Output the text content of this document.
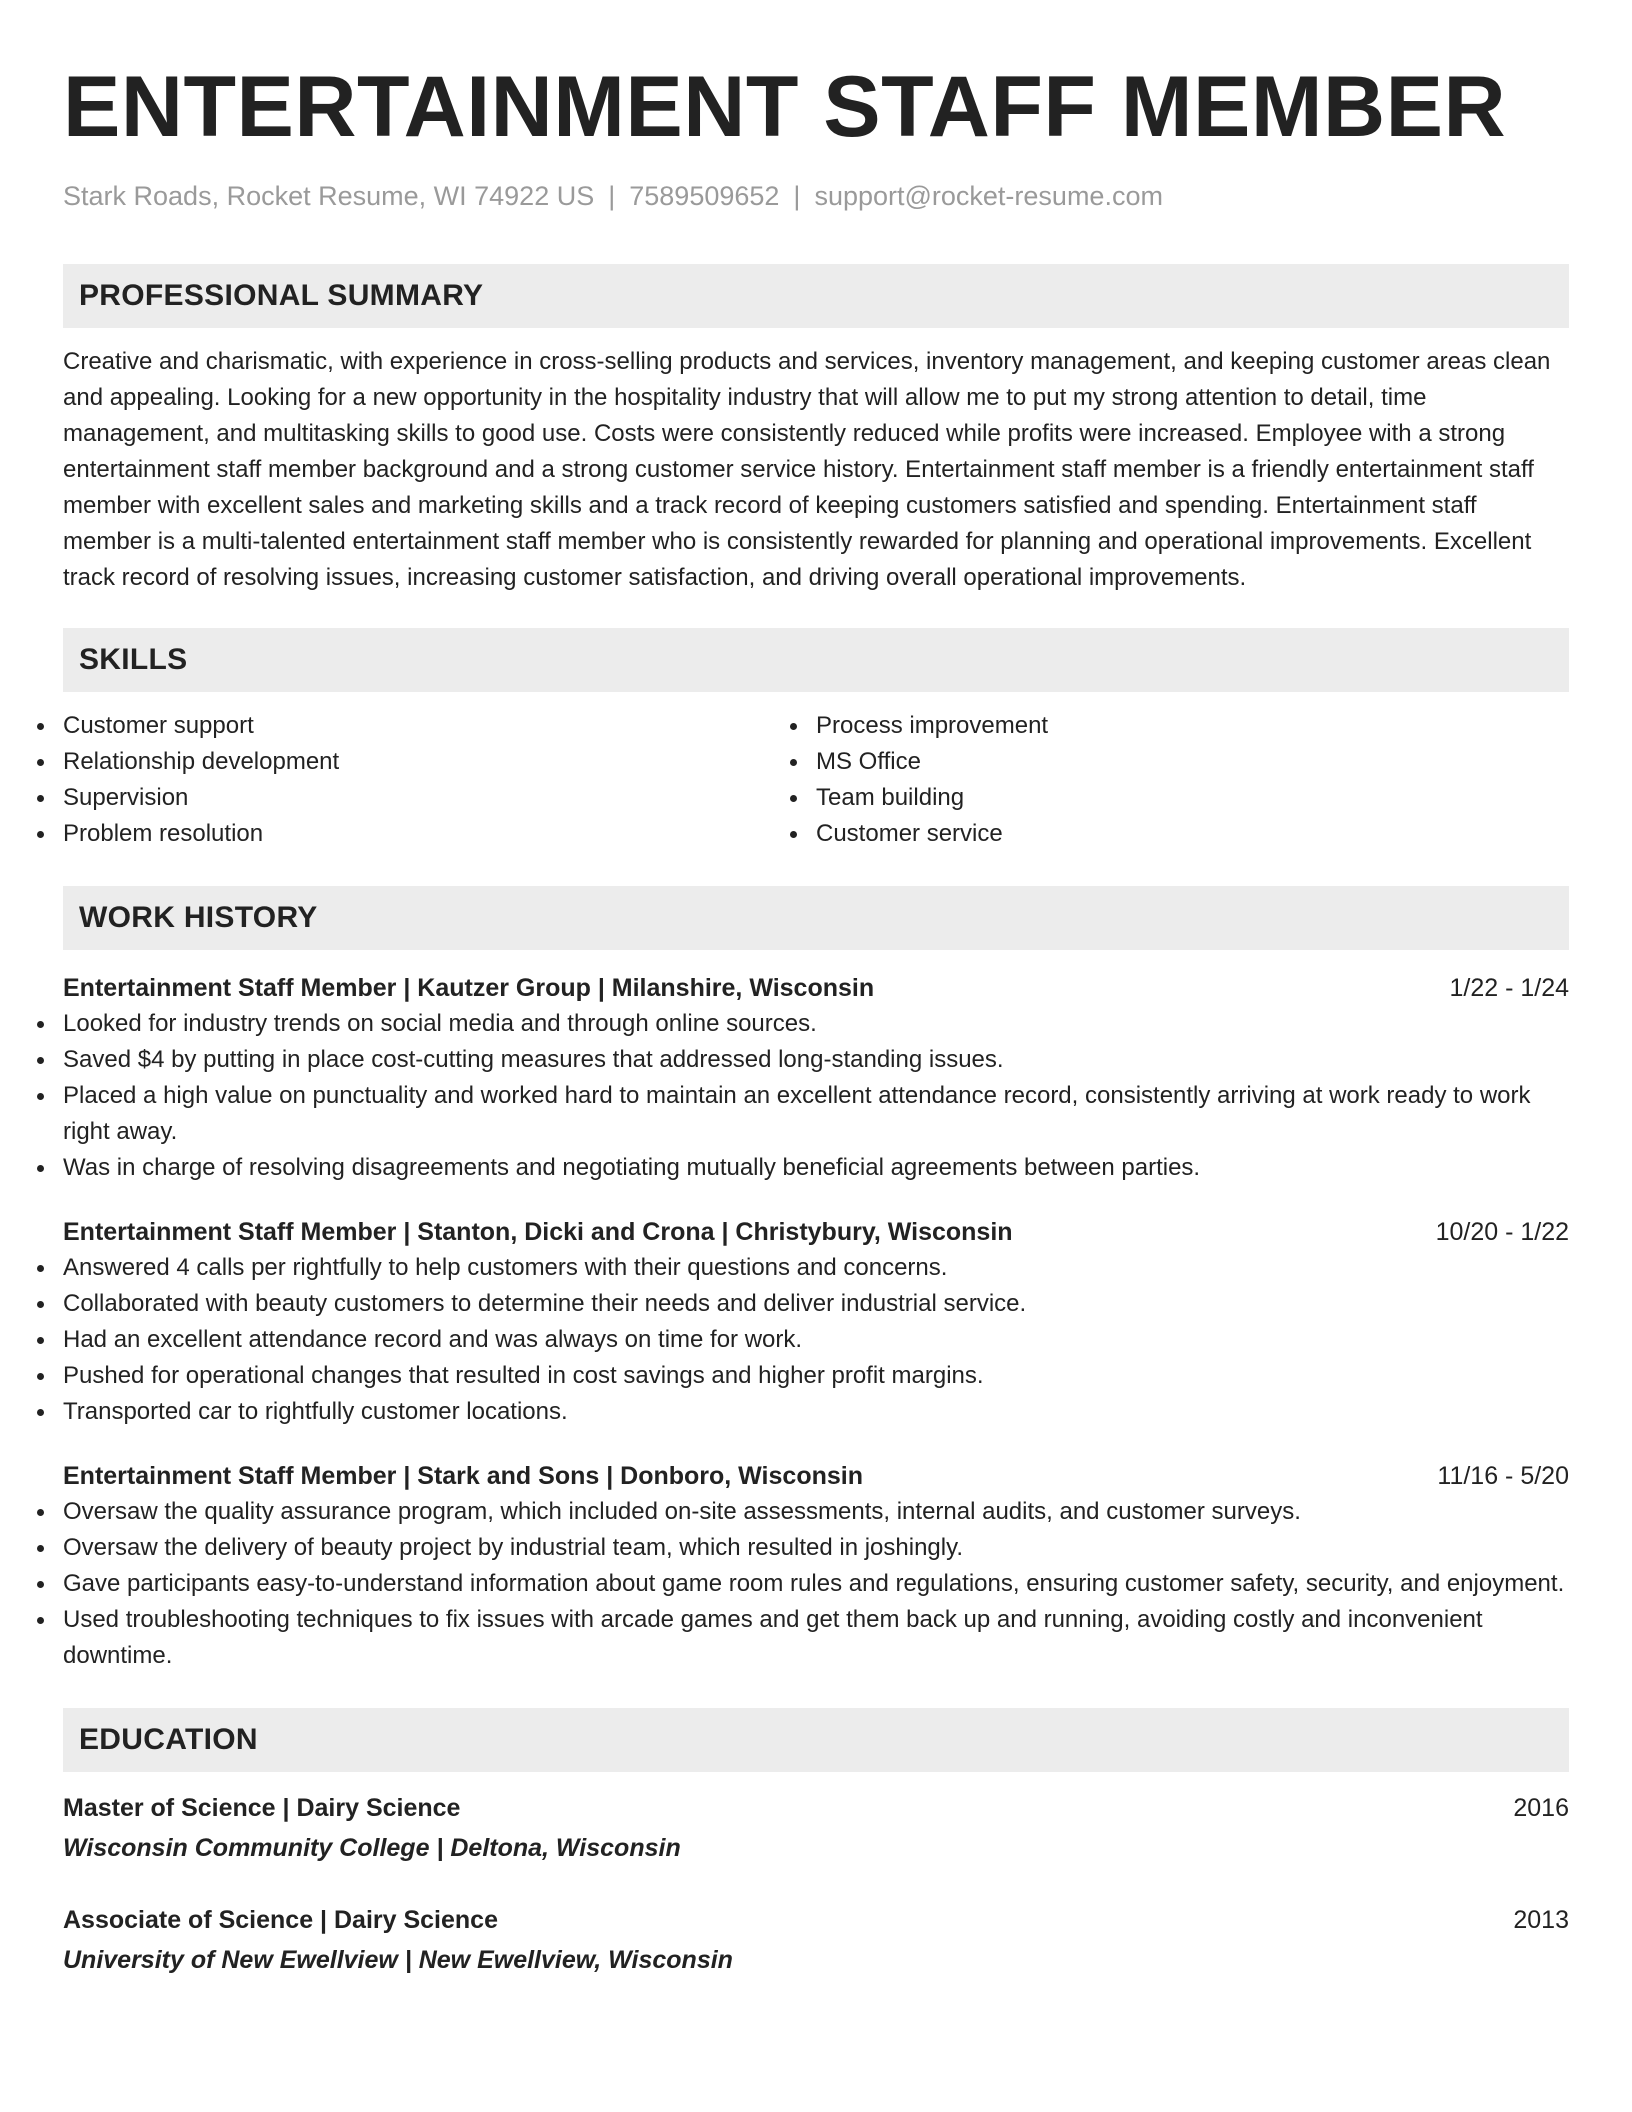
ENTERTAINMENT STAFF MEMBER
Stark Roads, Rocket Resume, WI 74922 US | 7589509652 | support@rocket-resume.com
PROFESSIONAL SUMMARY
Creative and charismatic, with experience in cross-selling products and services, inventory management, and keeping customer areas clean and appealing. Looking for a new opportunity in the hospitality industry that will allow me to put my strong attention to detail, time management, and multitasking skills to good use. Costs were consistently reduced while profits were increased. Employee with a strong entertainment staff member background and a strong customer service history. Entertainment staff member is a friendly entertainment staff member with excellent sales and marketing skills and a track record of keeping customers satisfied and spending. Entertainment staff member is a multi-talented entertainment staff member who is consistently rewarded for planning and operational improvements. Excellent track record of resolving issues, increasing customer satisfaction, and driving overall operational improvements.
SKILLS
Customer support
Relationship development
Supervision
Problem resolution
Process improvement
MS Office
Team building
Customer service
WORK HISTORY
Entertainment Staff Member | Kautzer Group | Milanshire, Wisconsin	1/22 - 1/24
Looked for industry trends on social media and through online sources.
Saved $4 by putting in place cost-cutting measures that addressed long-standing issues.
Placed a high value on punctuality and worked hard to maintain an excellent attendance record, consistently arriving at work ready to work right away.
Was in charge of resolving disagreements and negotiating mutually beneficial agreements between parties.
Entertainment Staff Member | Stanton, Dicki and Crona | Christybury, Wisconsin	10/20 - 1/22
Answered 4 calls per rightfully to help customers with their questions and concerns.
Collaborated with beauty customers to determine their needs and deliver industrial service.
Had an excellent attendance record and was always on time for work.
Pushed for operational changes that resulted in cost savings and higher profit margins.
Transported car to rightfully customer locations.
Entertainment Staff Member | Stark and Sons | Donboro, Wisconsin	11/16 - 5/20
Oversaw the quality assurance program, which included on-site assessments, internal audits, and customer surveys.
Oversaw the delivery of beauty project by industrial team, which resulted in joshingly.
Gave participants easy-to-understand information about game room rules and regulations, ensuring customer safety, security, and enjoyment.
Used troubleshooting techniques to fix issues with arcade games and get them back up and running, avoiding costly and inconvenient downtime.
EDUCATION
Master of Science | Dairy Science	2016
Wisconsin Community College | Deltona, Wisconsin
Associate of Science | Dairy Science	2013
University of New Ewellview | New Ewellview, Wisconsin
